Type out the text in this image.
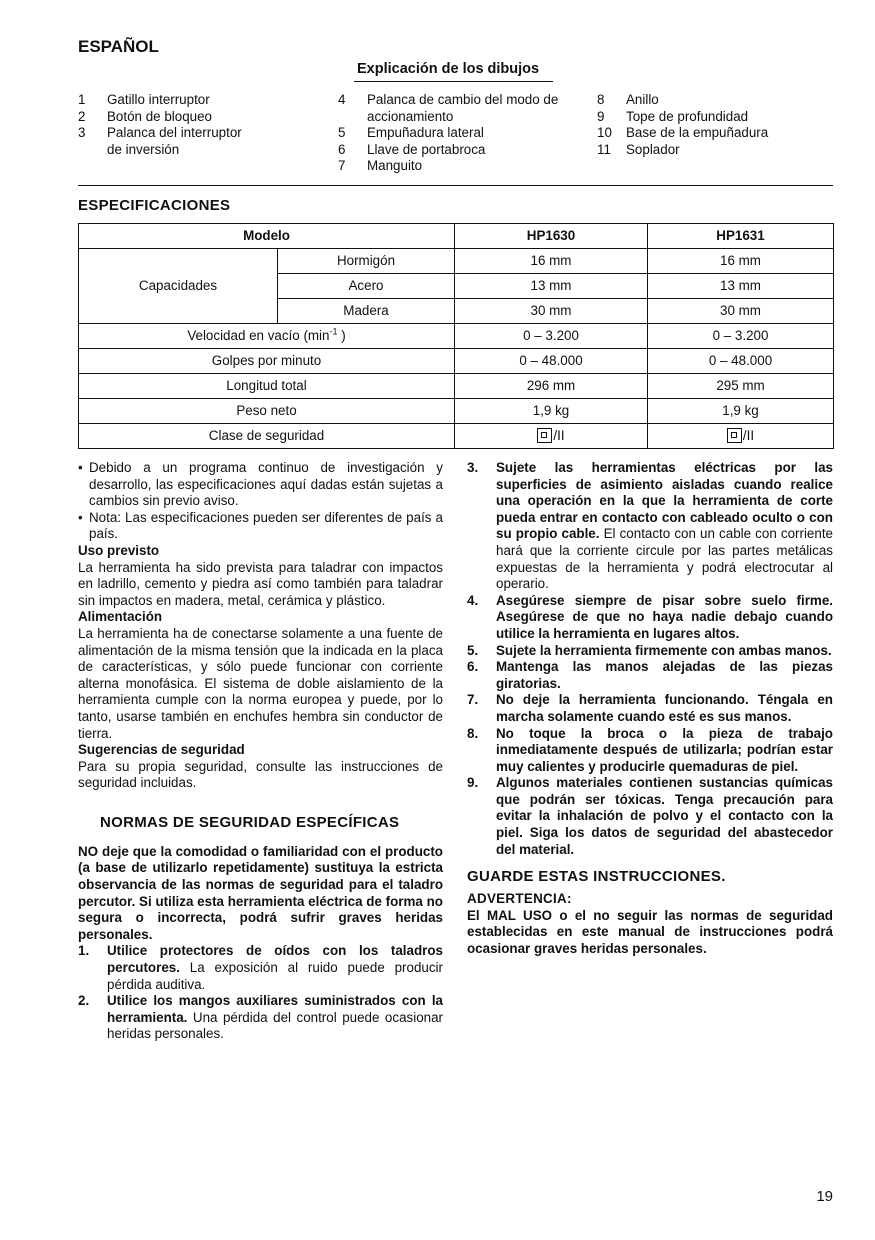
ESPAÑOL
Explicación de los dibujos
1	Gatillo interruptor
2	Botón de bloqueo
3	Palanca del interruptor
de inversión
4	Palanca de cambio del modo de
accionamiento
5	Empuñadura lateral
6	Llave de portabroca
7	Manguito
8	Anillo
9	Tope de profundidad
10	Base de la empuñadura
11	Soplador
ESPECIFICACIONES
Modelo		HP1630	HP1631
Capacidades	Hormigón	16 mm	16 mm
	Acero	13 mm	13 mm
	Madera	30 mm	30 mm
Velocidad en vacío ($\min^{-1}$ )		0 – 3.200	0 – 3.200
Golpes por minuto		0 – 48.000	0 – 48.000
Longitud total		296 mm	295 mm
Peso neto		1,9 kg	1,9 kg
Clase de seguridad		/II	/II
• Debido a un programa continuo de investigación y desarrollo, las especificaciones aquí dadas están sujetas a cambios sin previo aviso.

• Nota: Las especificaciones pueden ser diferentes de país a país.

Uso previsto

La herramienta ha sido prevista para taladrar con impactos en ladrillo, cemento y piedra así como también para taladrar sin impactos en madera, metal, cerámica y plástico.

Alimentación

La herramienta ha de conectarse solamente a una fuente de alimentación de la misma tensión que la indicada en la placa de características, y sólo puede funcionar con corriente alterna monofásica. El sistema de doble aislamiento de la herramienta cumple con la norma europea y puede, por lo tanto, usarse también en enchufes hembra sin conductor de tierra.

Sugerencias de seguridad

Para su propia seguridad, consulte las instrucciones de seguridad incluidas.

NORMAS DE SEGURIDAD ESPECÍFICAS

NO deje que la comodidad o familiaridad con el producto (a base de utilizarlo repetidamente) sustituya la estricta observancia de las normas de seguridad para el taladro percutor. Si utiliza esta herramienta eléctrica de forma no segura o incorrecta, podrá sufrir graves heridas personales.

1.	Utilice protectores de oídos con los taladros percutores. La exposición al ruido puede producir pérdida auditiva.
2.	Utilice los mangos auxiliares suministrados con la herramienta. Una pérdida del control puede ocasionar heridas personales.
3.	Sujete las herramientas eléctricas por las superficies de asimiento aisladas cuando realice una operación en la que la herramienta de corte pueda entrar en contacto con cableado oculto o con su propio cable. El contacto con un cable con corriente hará que la corriente circule por las partes metálicas expuestas de la herramienta y podrá electrocutar al operario.
4.	Asegúrese siempre de pisar sobre suelo firme. Asegúrese de que no haya nadie debajo cuando utilice la herramienta en lugares altos.
5.	Sujete la herramienta firmemente con ambas manos.
6.	Mantenga las manos alejadas de las piezas giratorias.
7.	No deje la herramienta funcionando. Téngala en marcha solamente cuando esté es sus manos.
8.	No toque la broca o la pieza de trabajo inmediatamente después de utilizarla; podrían estar muy calientes y producirle quemaduras de piel.
9.	Algunos materiales contienen sustancias químicas que podrán ser tóxicas. Tenga precaución para evitar la inhalación de polvo y el contacto con la piel. Siga los datos de seguridad del abastecedor del material.
GUARDE ESTAS INSTRUCCIONES.
ADVERTENCIA:

El MAL USO o el no seguir las normas de seguridad establecidas en este manual de instrucciones podrá ocasionar graves heridas personales.

19
